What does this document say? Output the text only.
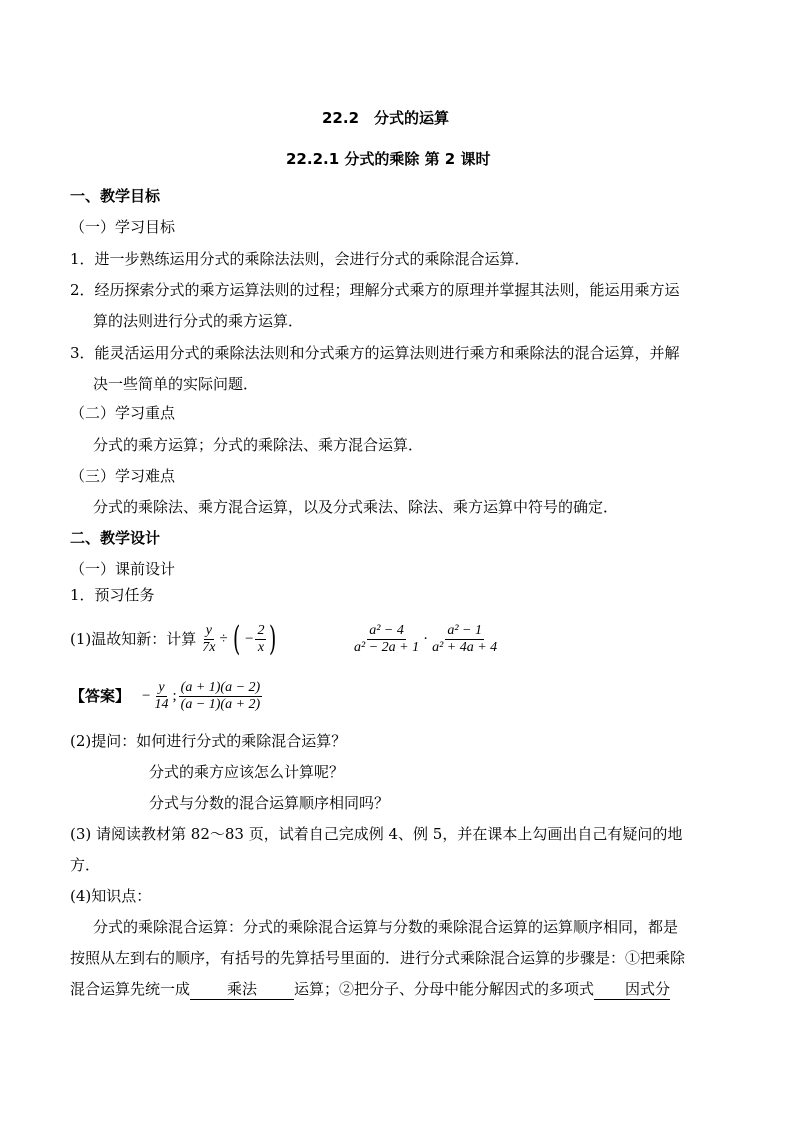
22.2　分式的运算
22.2.1 分式的乘除 第 2 课时
一、教学目标
（一）学习目标
1．进一步熟练运用分式的乘除法法则，会进行分式的乘除混合运算．
2．经历探索分式的乘方运算法则的过程；理解分式乘方的原理并掌握其法则，能运用乘方运
算的法则进行分式的乘方运算．
3．能灵活运用分式的乘除法法则和分式乘方的运算法则进行乘方和乘除法的混合运算，并解
决一些简单的实际问题．
（二）学习重点
分式的乘方运算；分式的乘除法、乘方混合运算．
（三）学习难点
分式的乘除法、乘方混合运算，以及分式乘法、除法、乘方运算中符号的确定．
二、教学设计
（一）课前设计
1．预习任务
(1)温故知新：计算 $\frac{y}{7x}$ ÷ ( − $\frac{2}{x}$ )	$\frac{\text{a² − 4}}{\text{a² − 2a + 1}} \cdot \frac{\text{a² − 1}}{\text{a² + 4a + 4}}$
【答案】 − $\frac{y}{14}$ ; $\frac{(a + 1)(a - 2)}{(a - 1)(a + 2)}$
(2)提问：如何进行分式的乘除混合运算？
分式的乘方应该怎么计算呢？
分式与分数的混合运算顺序相同吗？
(3) 请阅读教材第 82～83 页，试着自己完成例 4、例 5，并在课本上勾画出自己有疑问的地
方．
(4)知识点：
分式的乘除混合运算：分式的乘除混合运算与分数的乘除混合运算的运算顺序相同，都是
按照从左到右的顺序，有括号的先算括号里面的．进行分式乘除混合运算的步骤是：①把乘除
混合运算先统一成 乘法 运算；②把分子、分母中能分解因式的多项式 因式分
